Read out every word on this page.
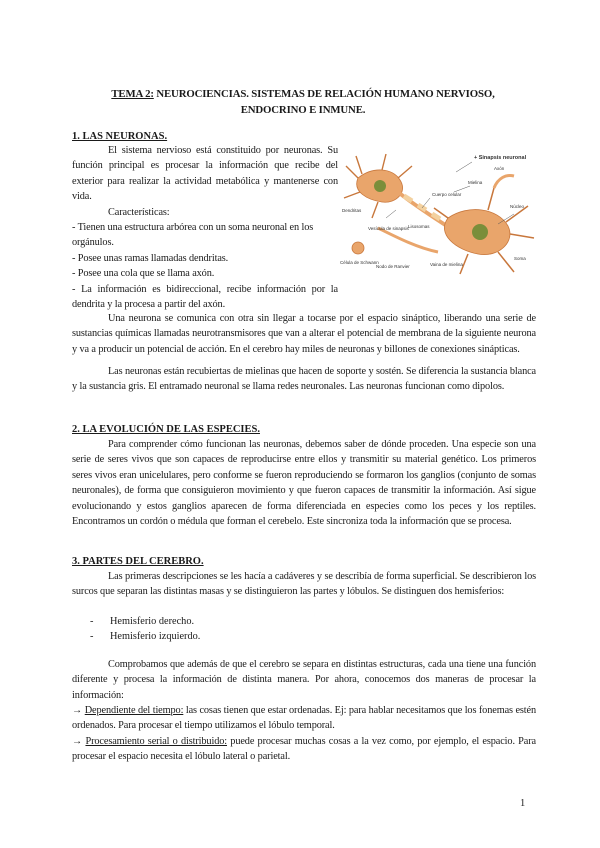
TEMA 2: NEUROCIENCIAS. SISTEMAS DE RELACIÓN HUMANO NERVIOSO,
ENDOCRINO E INMUNE.
1. LAS NEURONAS.
El sistema nervioso está constituido por neuronas. Su función principal es procesar la información que recibe del exterior para realizar la actividad metabólica y mantenerse con vida.
Características:
- Tienen una estructura arbórea con un soma neuronal en los orgánulos.
- Posee unas ramas llamadas dendritas.
- Posee una cola que se llama axón.
- La información es bidireccional, recibe información por la dendrita y la procesa a partir del axón.
+ Sinapsis neuronal
Axón
Mielina
Núcleo
Dendritas
Cuerpo celular
Vesícula de sinapsis Lisosomas
Célula de Schwann
Nodo de Ranvier	Vaina de mielina
Soma
Una neurona se comunica con otra sin llegar a tocarse por el espacio sináptico, liberando una serie de sustancias químicas llamadas neurotransmisores que van a alterar el potencial de membrana de la siguiente neurona y va a producir un potencial de acción. En el cerebro hay miles de neuronas y billones de conexiones sinápticas.
Las neuronas están recubiertas de mielinas que hacen de soporte y sostén. Se diferencia la sustancia blanca y la sustancia gris. El entramado neuronal se llama redes neuronales. Las neuronas funcionan como dipolos.
2. LA EVOLUCIÓN DE LAS ESPECIES.
Para comprender cómo funcionan las neuronas, debemos saber de dónde proceden. Una especie son una serie de seres vivos que son capaces de reproducirse entre ellos y transmitir su material genético. Los primeros seres vivos eran unicelulares, pero conforme se fueron reproduciendo se formaron los ganglios (conjunto de somas neuronales), de forma que consiguieron movimiento y que fueron capaces de transmitir la información. Así sigue evolucionando y estos ganglios aparecen de forma diferenciada en especies como los peces y los reptiles. Encontramos un cordón o médula que forman el cerebelo. Este sincroniza toda la información que se procesa.
3. PARTES DEL CEREBRO.
Las primeras descripciones se les hacía a cadáveres y se describía de forma superficial. Se describieron los surcos que separan las distintas masas y se distinguieron las partes y lóbulos. Se distinguen dos hemisferios:
- Hemisferio derecho.
- Hemisferio izquierdo.
Comprobamos que además de que el cerebro se separa en distintas estructuras, cada una tiene una función diferente y procesa la información de distinta manera. Por ahora, conocemos dos maneras de procesar la información:
→ Dependiente del tiempo: las cosas tienen que estar ordenadas. Ej: para hablar necesitamos que los fonemas estén ordenados. Para procesar el tiempo utilizamos el lóbulo temporal.
→ Procesamiento serial o distribuido: puede procesar muchas cosas a la vez como, por ejemplo, el espacio. Para procesar el espacio necesita el lóbulo lateral o parietal.
1
